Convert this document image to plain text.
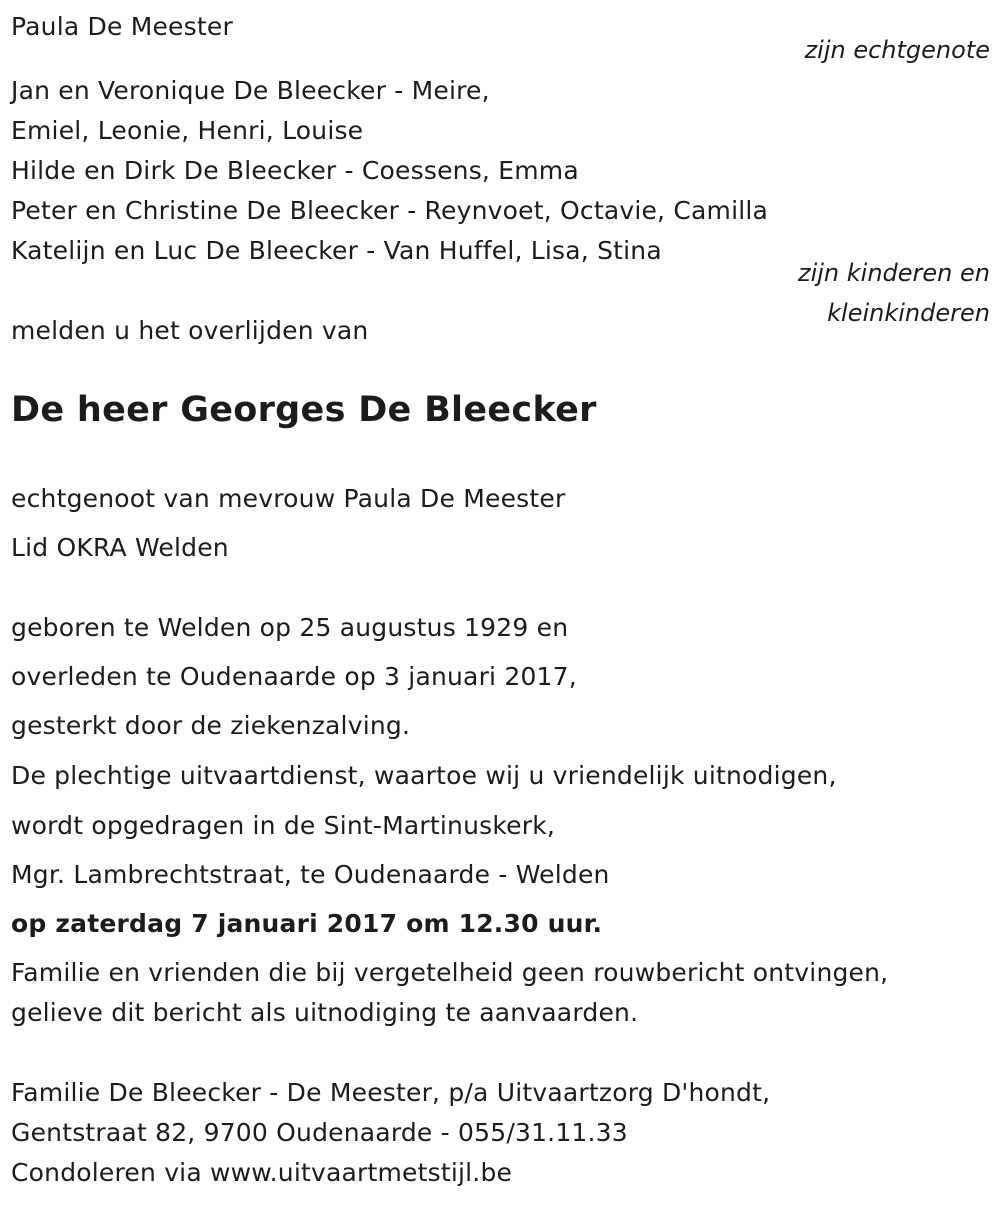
Paula De Meester
zijn echtgenote
Jan en Veronique De Bleecker - Meire,
Emiel, Leonie, Henri, Louise
Hilde en Dirk De Bleecker - Coessens, Emma
Peter en Christine De Bleecker - Reynvoet, Octavie, Camilla
Katelijn en Luc De Bleecker - Van Huffel, Lisa, Stina
zijn kinderen en
kleinkinderen
melden u het overlijden van
De heer Georges De Bleecker
echtgenoot van mevrouw Paula De Meester
Lid OKRA Welden
geboren te Welden op 25 augustus 1929 en
overleden te Oudenaarde op 3 januari 2017,
gesterkt door de ziekenzalving.
De plechtige uitvaartdienst, waartoe wij u vriendelijk uitnodigen,
wordt opgedragen in de Sint-Martinuskerk,
Mgr. Lambrechtstraat, te Oudenaarde - Welden
op zaterdag 7 januari 2017 om 12.30 uur.
Familie en vrienden die bij vergetelheid geen rouwbericht ontvingen,
gelieve dit bericht als uitnodiging te aanvaarden.
Familie De Bleecker - De Meester, p/a Uitvaartzorg D'hondt,
Gentstraat 82, 9700 Oudenaarde - 055/31.11.33
Condoleren via www.uitvaartmetstijl.be
